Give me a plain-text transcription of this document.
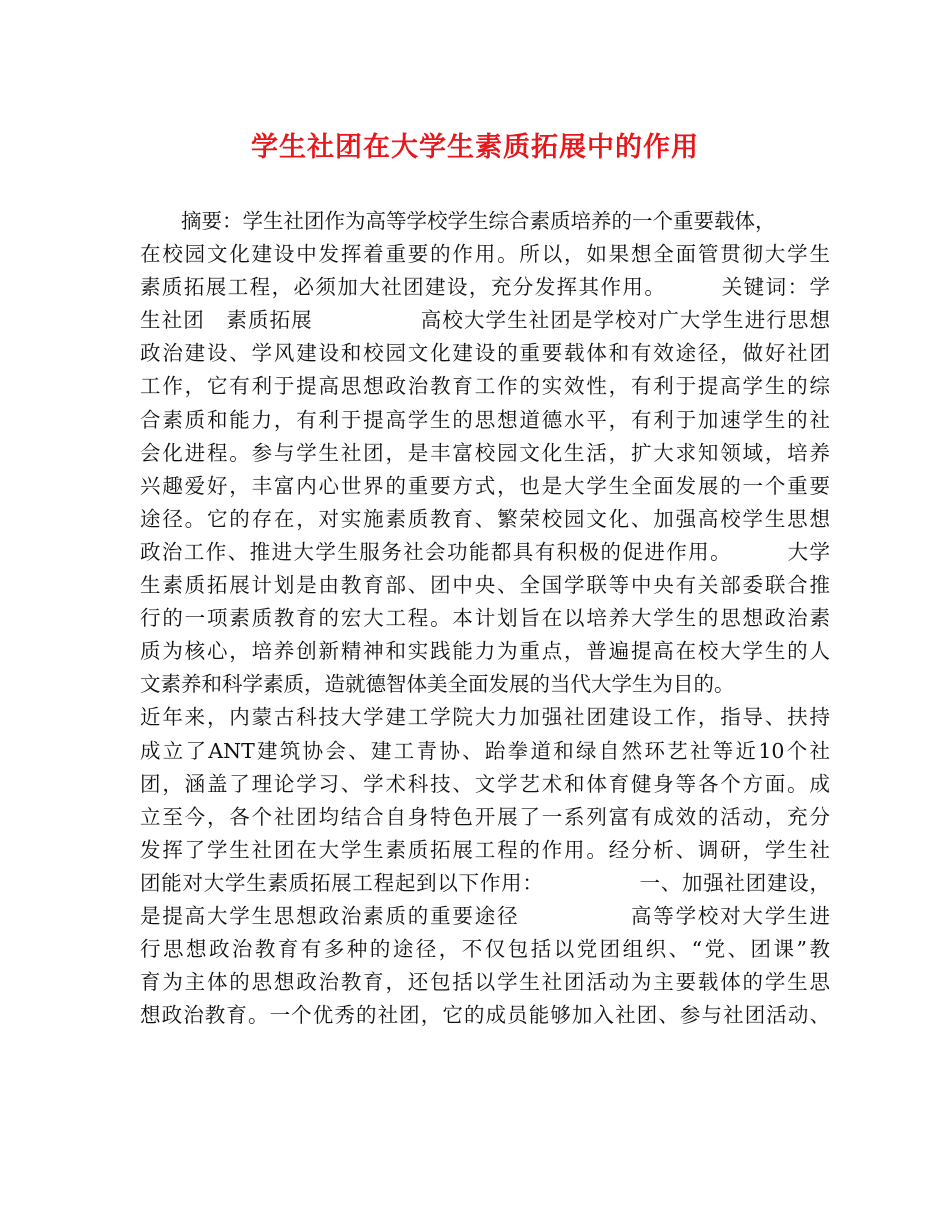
学生社团在大学生素质拓展中的作用
　　摘要：学生社团作为高等学校学生综合素质培养的一个重要载体，
在校园文化建设中发挥着重要的作用。所以，如果想全面管贯彻大学生
素质拓展工程，必须加大社团建设，充分发挥其作用。　　　关键词：学
生社团　素质拓展　　　　　高校大学生社团是学校对广大学生进行思想
政治建设、学风建设和校园文化建设的重要载体和有效途径，做好社团
工作，它有利于提高思想政治教育工作的实效性，有利于提高学生的综
合素质和能力，有利于提高学生的思想道德水平，有利于加速学生的社
会化进程。参与学生社团，是丰富校园文化生活，扩大求知领域，培养
兴趣爱好，丰富内心世界的重要方式，也是大学生全面发展的一个重要
途径。它的存在，对实施素质教育、繁荣校园文化、加强高校学生思想
政治工作、推进大学生服务社会功能都具有积极的促进作用。　　　大学
生素质拓展计划是由教育部、团中央、全国学联等中央有关部委联合推
行的一项素质教育的宏大工程。本计划旨在以培养大学生的思想政治素
质为核心，培养创新精神和实践能力为重点，普遍提高在校大学生的人
文素养和科学素质，造就德智体美全面发展的当代大学生为目的。
近年来，内蒙古科技大学建工学院大力加强社团建设工作，指导、扶持
成立了ANT建筑协会、建工青协、跆拳道和绿自然环艺社等近10个社
团，涵盖了理论学习、学术科技、文学艺术和体育健身等各个方面。成
立至今，各个社团均结合自身特色开展了一系列富有成效的活动，充分
发挥了学生社团在大学生素质拓展工程的作用。经分析、调研，学生社
团能对大学生素质拓展工程起到以下作用：　　　　　一、加强社团建设，
是提高大学生思想政治素质的重要途径　　　　　高等学校对大学生进
行思想政治教育有多种的途径，不仅包括以党团组织、“党、团课”教
育为主体的思想政治教育，还包括以学生社团活动为主要载体的学生思
想政治教育。一个优秀的社团，它的成员能够加入社团、参与社团活动、
